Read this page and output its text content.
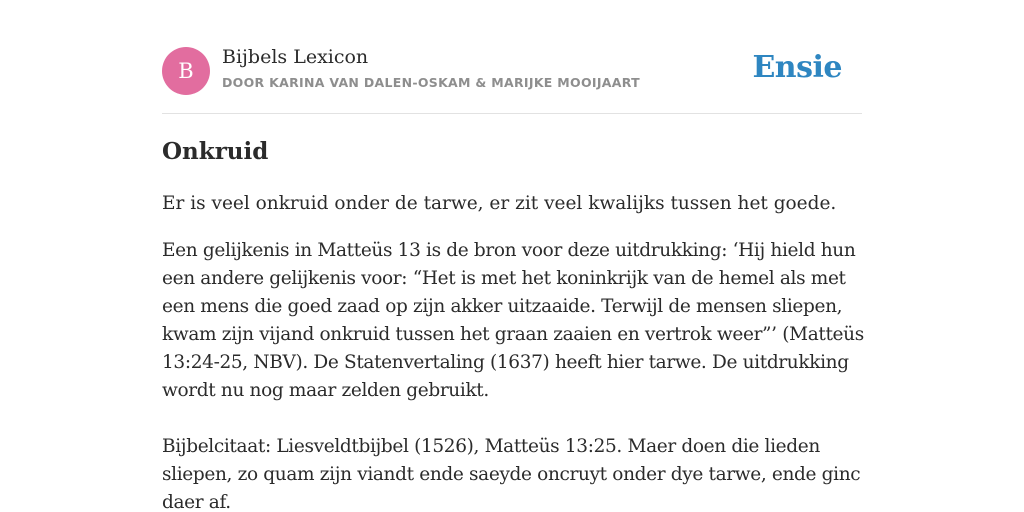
B
Bijbels Lexicon
DOOR KARINA VAN DALEN-OSKAM & MARIJKE MOOIJAART	Ensie
Onkruid

Er is veel onkruid onder de tarwe, er zit veel kwalijks tussen het goede.

Een gelijkenis in Matteüs 13 is de bron voor deze uitdrukking: ‘Hij hield hun een andere gelijkenis voor: “Het is met het koninkrijk van de hemel als met een mens die goed zaad op zijn akker uitzaaide. Terwijl de mensen sliepen, kwam zijn vijand onkruid tussen het graan zaaien en vertrok weer”’ (Matteüs 13:24-25, NBV). De Statenvertaling (1637) heeft hier tarwe. De uitdrukking wordt nu nog maar zelden gebruikt.
Bijbelcitaat: Liesveldtbijbel (1526), Matteüs 13:25. Maer doen die lieden sliepen, zo quam zijn viandt ende saeyde oncruyt onder dye tarwe, ende ginc daer af.
